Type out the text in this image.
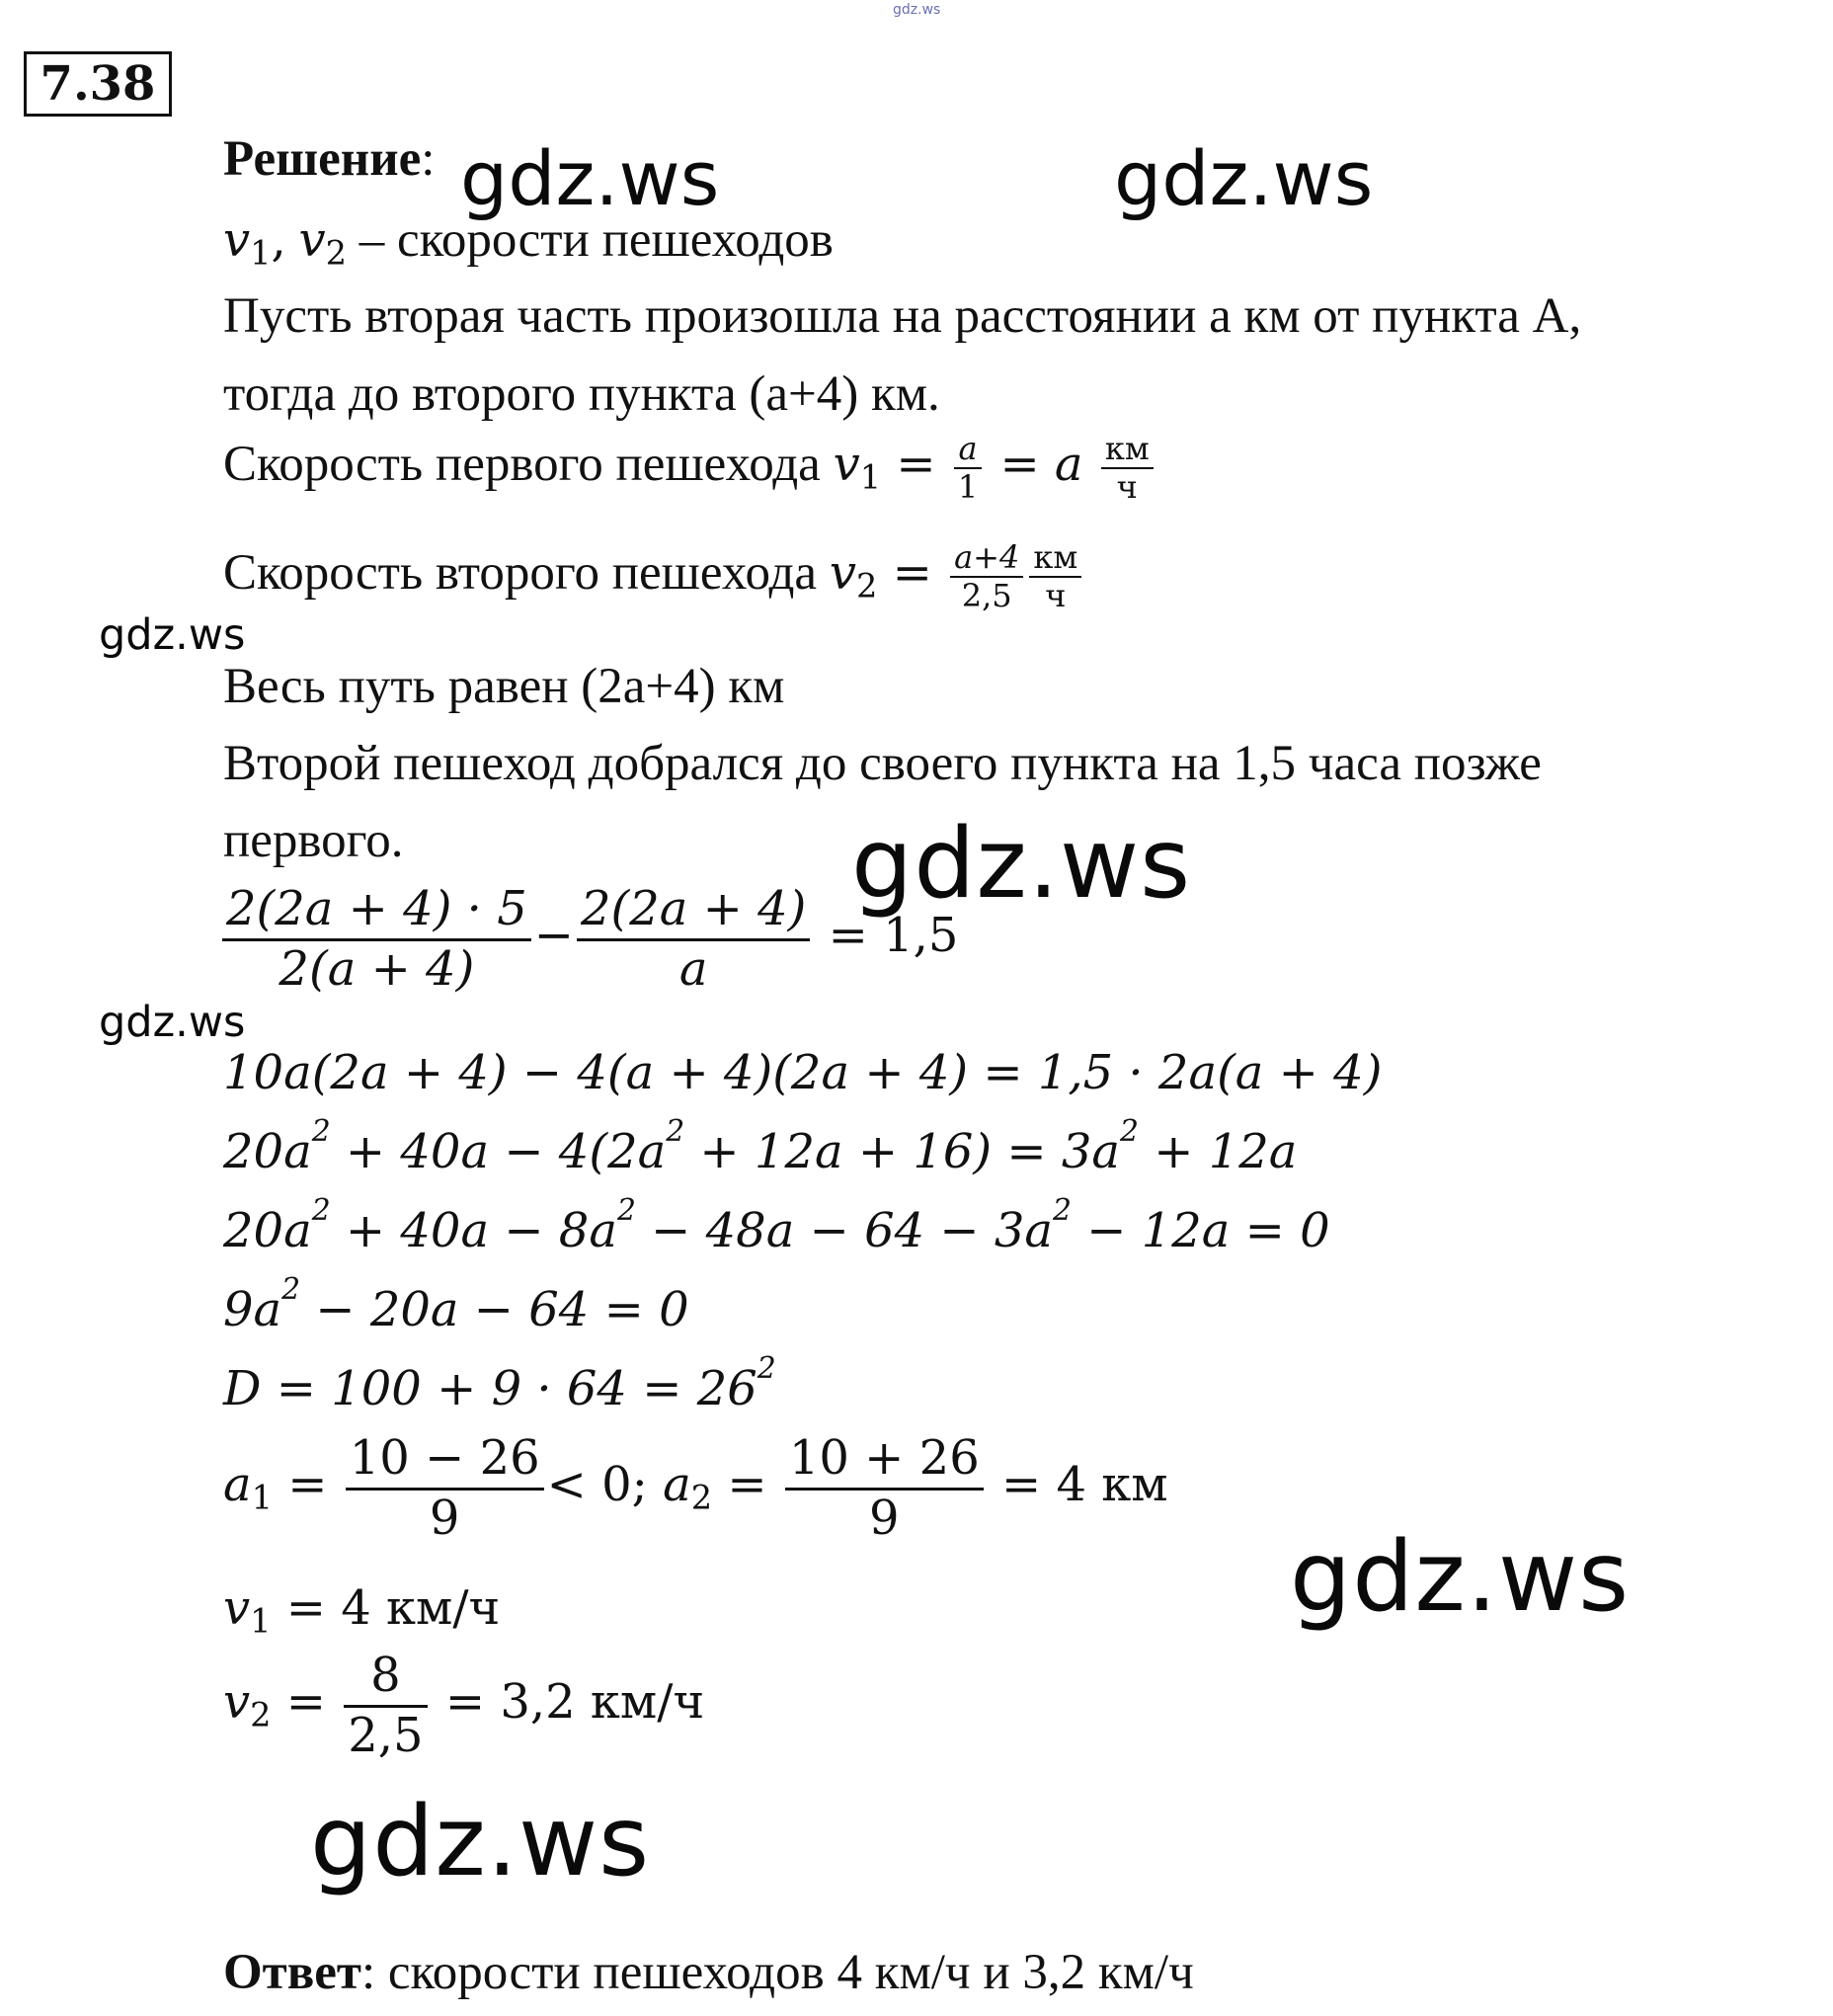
gdz.ws
gdz.ws	gdz.ws
gdz.ws
gdz.ws
gdz.ws
gdz.ws
gdz.ws
7.38
Решение:
$v_1$, $v_2$ – скорости пешеходов
Пусть вторая часть произошла на расстоянии а км от пункта А,
тогда до второго пункта (а+4) км.
Скорость первого пешехода $v_1 = \frac{a}{1} = a \frac{км}{ч}$
Скорость второго пешехода $v_2 = \frac{a+4}{2,5} \frac{км}{ч}$
Весь путь равен (2а+4) км
Второй пешеход добрался до своего пункта на 1,5 часа позже
первого.
$\frac{2(2a + 4) \cdot 5}{2(a + 4)} - \frac{2(2a + 4)}{a} = 1,5$
10a(2a + 4) − 4(a + 4)(2a + 4) = 1,5 · 2a(a + 4)
$20a^2 + 40a - 4(2a^2 + 12a + 16) = 3a^2 + 12a$
$20a^2 + 40a - 8a^2 - 48a - 64 - 3a^2 - 12a = 0$
$9a^2 - 20a - 64 = 0$
$D = 100 + 9 \cdot 64 = 26^2$
$a_1 = \frac{10 - 26}{9} < 0$; $a_2 = \frac{10 + 26}{9} = 4$ км
$v_1 = 4$ км/ч
$v_2 = \frac{8}{2,5} = 3,2$ км/ч
Ответ: скорости пешеходов 4 км/ч и 3,2 км/ч
